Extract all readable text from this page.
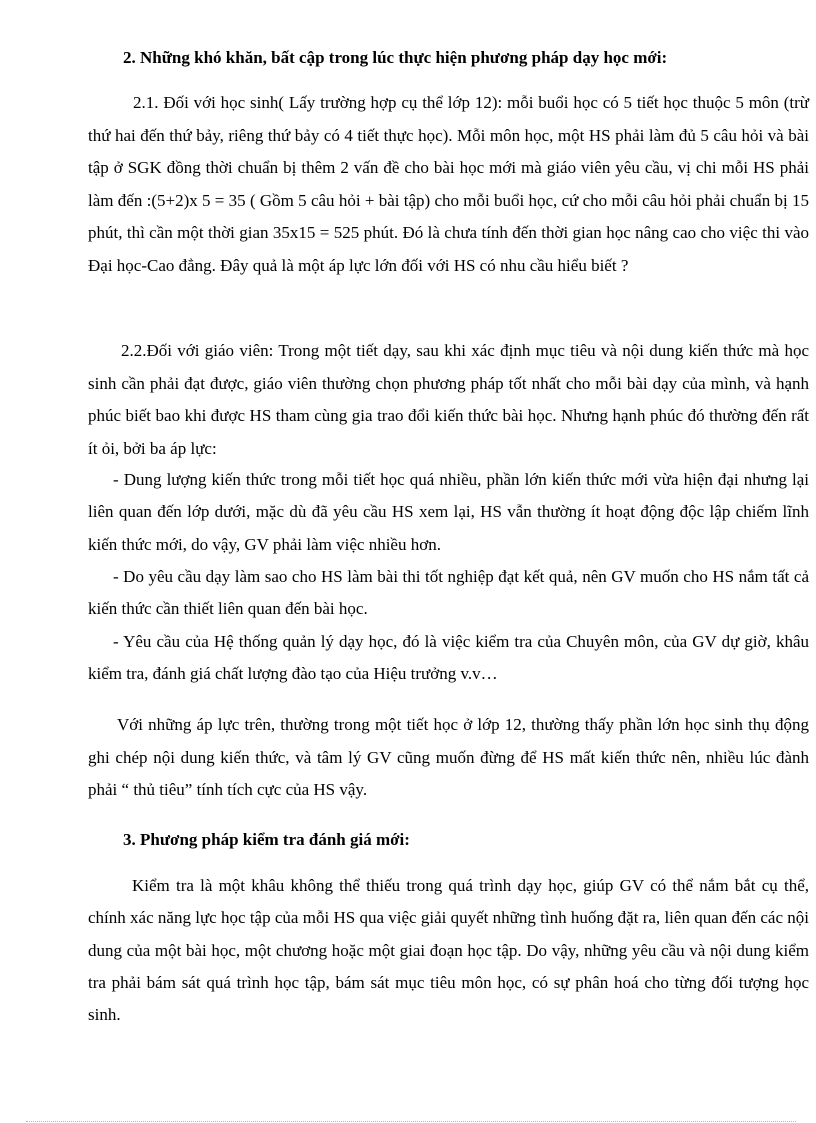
2. Những khó khăn, bất cập trong lúc thực hiện phương pháp dạy học mới:
2.1. Đối với học sinh( Lấy trường hợp cụ thể lớp 12): mỗi buổi học có 5 tiết học thuộc 5 môn (trừ thứ hai đến thứ bảy, riêng thứ bảy có 4 tiết thực học). Mỗi môn học, một HS phải làm đủ 5 câu hỏi và bài tập ở SGK đồng thời chuẩn bị thêm 2 vấn đề cho bài học mới mà giáo viên yêu cầu, vị chi mỗi HS phải làm đến :(5+2)x 5 = 35 ( Gồm 5 câu hỏi + bài tập) cho mỗi buổi học, cứ cho mỗi câu hỏi phải chuẩn bị 15 phút, thì cần một thời gian 35x15 = 525 phút. Đó là chưa tính đến thời gian học nâng cao cho việc thi vào Đại học-Cao đẳng. Đây quả là một áp lực lớn đối với HS có nhu cầu hiểu biết ?
2.2.Đối với giáo viên: Trong một tiết dạy, sau khi xác định mục tiêu và nội dung kiến thức mà học sinh cần phải đạt được, giáo viên thường chọn phương pháp tốt nhất cho mỗi bài dạy của mình, và hạnh phúc biết bao khi được HS tham cùng gia trao đổi kiến thức bài học. Nhưng hạnh phúc đó thường đến rất ít ỏi, bởi ba áp lực:
- Dung lượng kiến thức trong mỗi tiết học quá nhiều, phần lớn kiến thức mới vừa hiện đại nhưng lại liên quan đến lớp dưới, mặc dù đã yêu cầu HS xem lại, HS vẫn thường ít hoạt động độc lập chiếm lĩnh kiến thức mới, do vậy, GV phải làm việc nhiều hơn.
- Do yêu cầu dạy làm sao cho HS làm bài thi tốt nghiệp đạt kết quả, nên GV muốn cho HS nắm tất cả kiến thức cần thiết liên quan đến bài học.
- Yêu cầu của Hệ thống quản lý dạy học, đó là việc kiểm tra của Chuyên môn, của GV dự giờ, khâu kiểm tra, đánh giá chất lượng đào tạo của Hiệu trưởng v.v…
Với những áp lực trên, thường trong một tiết học ở lớp 12, thường thấy phần lớn học sinh thụ động ghi chép nội dung kiến thức, và tâm lý GV cũng muốn đừng để HS mất kiến thức nên, nhiều lúc đành phải “ thủ tiêu” tính tích cực của HS vậy.
3. Phương pháp kiểm tra đánh giá mới:
Kiểm tra là một khâu không thể thiếu trong quá trình dạy học, giúp GV có thể nắm bắt cụ thể, chính xác năng lực học tập của mỗi HS qua việc giải quyết những tình huống đặt ra, liên quan đến các nội dung của một bài học, một chương hoặc một giai đoạn học tập. Do vậy, những yêu cầu và nội dung kiểm tra phải bám sát quá trình học tập, bám sát mục tiêu môn học, có sự phân hoá cho từng đối tượng học sinh.
